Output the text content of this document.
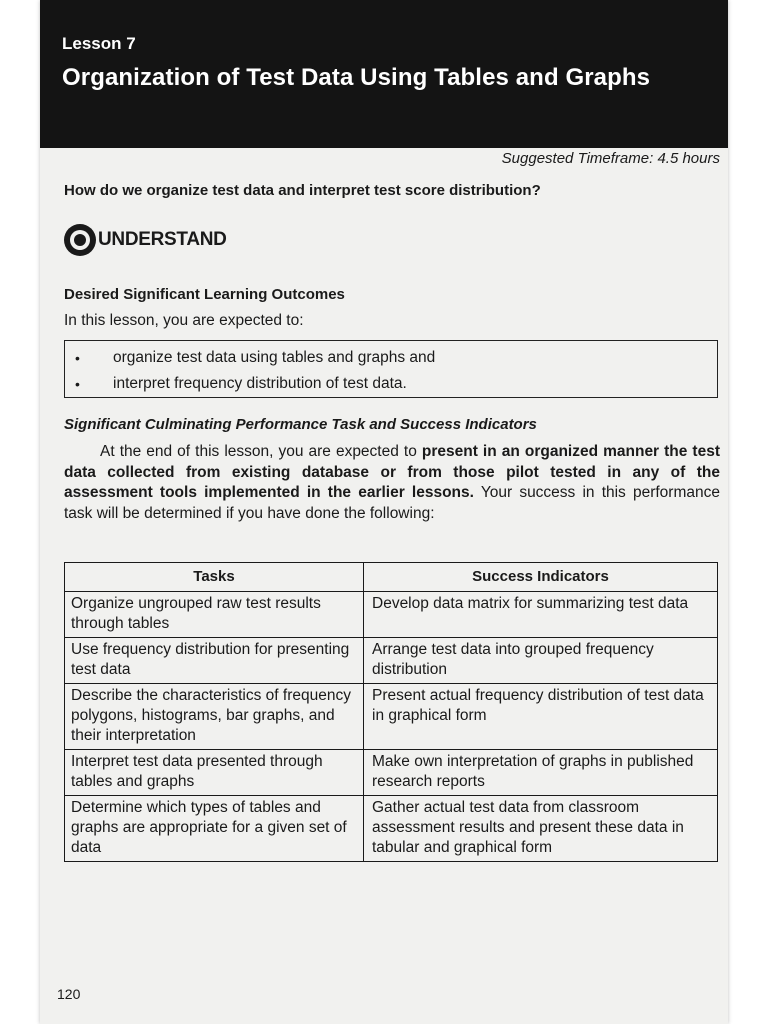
Lesson 7
Organization of Test Data Using Tables and Graphs
Suggested Timeframe: 4.5 hours
How do we organize test data and interpret test score distribution?
UNDERSTAND
Desired Significant Learning Outcomes
In this lesson, you are expected to:
• organize test data using tables and graphs and
• interpret frequency distribution of test data.
Significant Culminating Performance Task and Success Indicators
At the end of this lesson, you are expected to present in an organized manner the test data collected from existing database or from those pilot tested in any of the assessment tools implemented in the earlier lessons. Your success in this performance task will be determined if you have done the following:
Tasks	Success Indicators
Organize ungrouped raw test results through tables	Develop data matrix for summarizing test data
Use frequency distribution for presenting test data	Arrange test data into grouped frequency distribution
Describe the characteristics of frequency polygons, histograms, bar graphs, and their interpretation	Present actual frequency distribution of test data in graphical form
Interpret test data presented through tables and graphs	Make own interpretation of graphs in published research reports
Determine which types of tables and graphs are appropriate for a given set of data	Gather actual test data from classroom assessment results and present these data in tabular and graphical form
120
